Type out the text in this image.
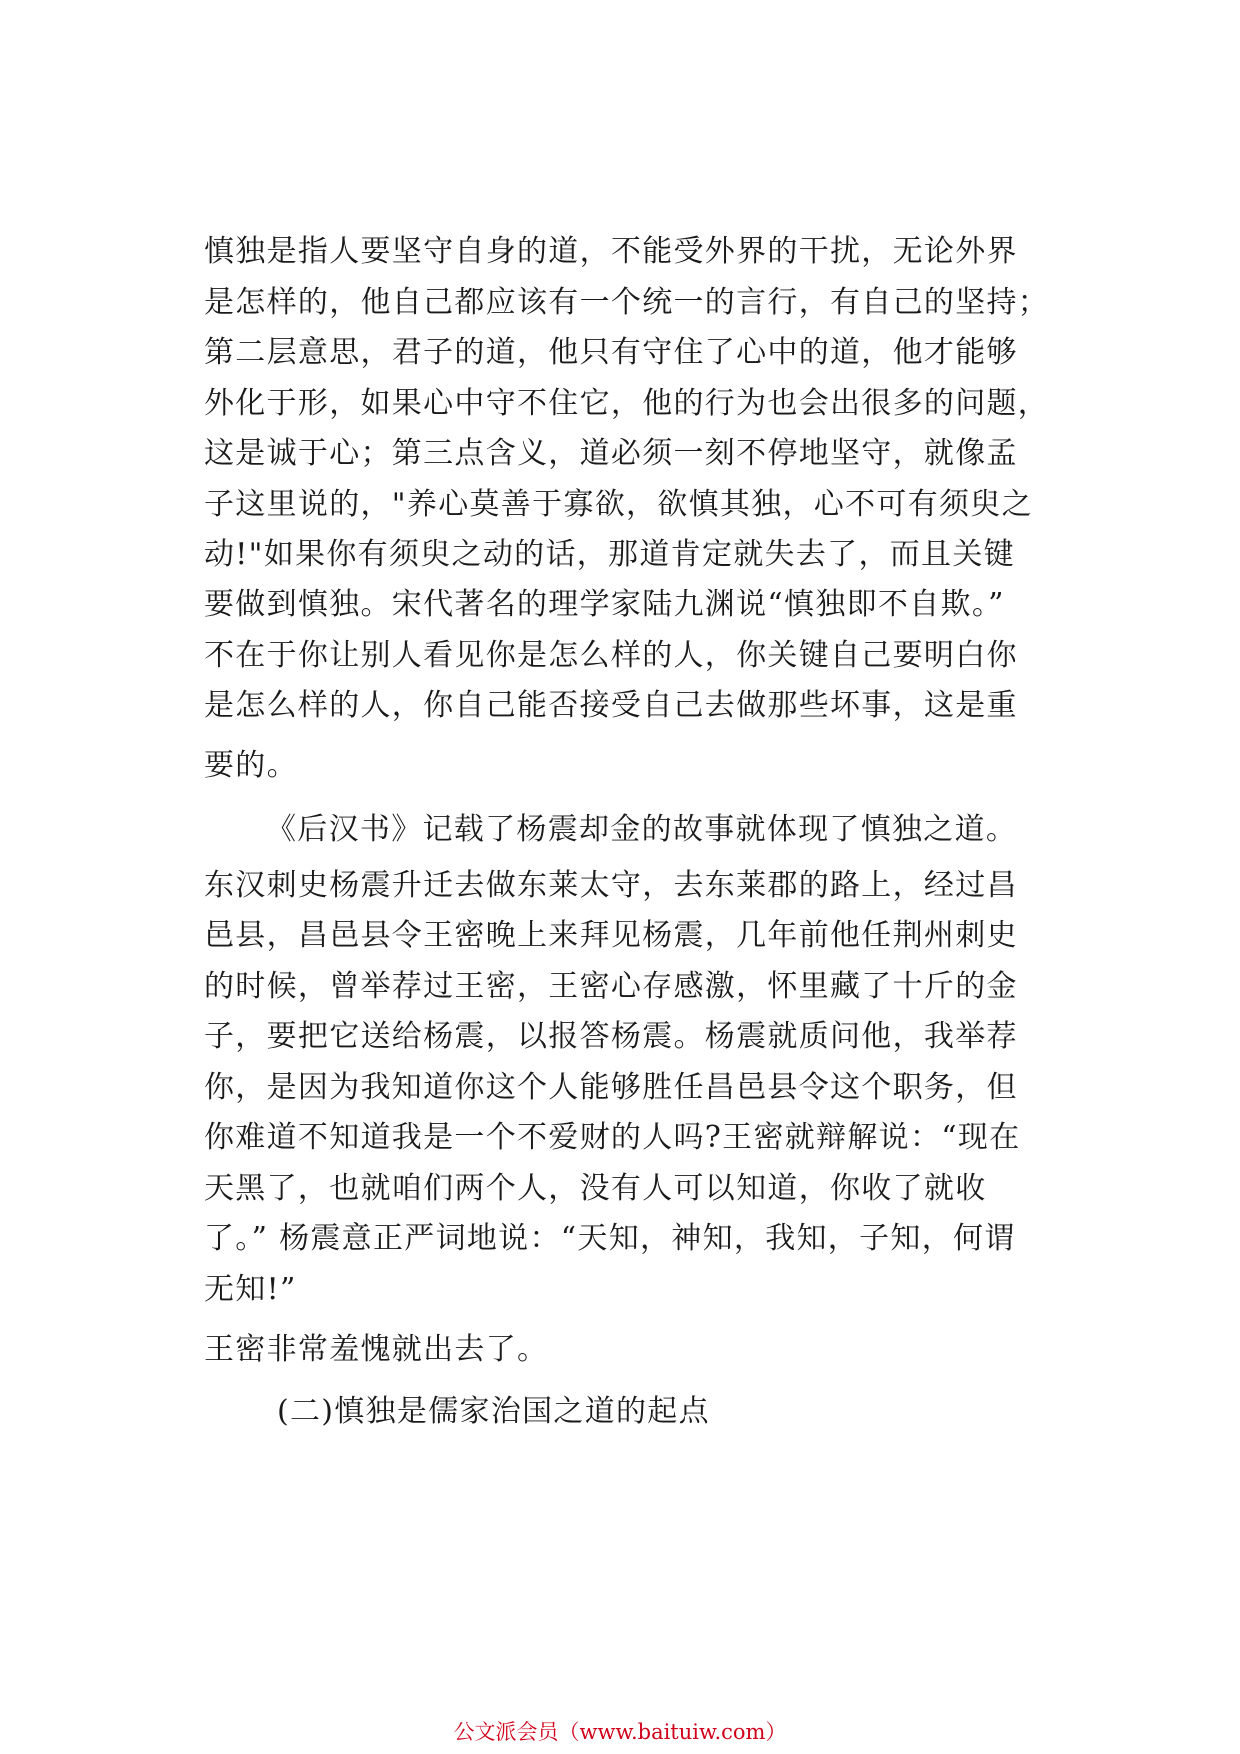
慎独是指人要坚守自身的道，不能受外界的干扰，无论外界
是怎样的，他自己都应该有一个统一的言行，有自己的坚持；
第二层意思，君子的道，他只有守住了心中的道，他才能够
外化于形，如果心中守不住它，他的行为也会出很多的问题，
这是诚于心；第三点含义，道必须一刻不停地坚守，就像孟
子这里说的，"养心莫善于寡欲，欲慎其独，心不可有须臾之
动!"如果你有须臾之动的话，那道肯定就失去了，而且关键
要做到慎独。宋代著名的理学家陆九渊说“慎独即不自欺。”
不在于你让别人看见你是怎么样的人，你关键自己要明白你
是怎么样的人，你自己能否接受自己去做那些坏事，这是重
要的。
《后汉书》记载了杨震却金的故事就体现了慎独之道。
东汉刺史杨震升迁去做东莱太守，去东莱郡的路上，经过昌
邑县，昌邑县令王密晚上来拜见杨震，几年前他任荆州刺史
的时候，曾举荐过王密，王密心存感激，怀里藏了十斤的金
子，要把它送给杨震，以报答杨震。杨震就质问他，我举荐
你，是因为我知道你这个人能够胜任昌邑县令这个职务，但
你难道不知道我是一个不爱财的人吗?王密就辩解说：“现在
天黑了，也就咱们两个人，没有人可以知道，你收了就收
了。” 杨震意正严词地说：“天知，神知，我知，子知，何谓
无知!”
王密非常羞愧就出去了。
(二)慎独是儒家治国之道的起点
公文派会员（www.baituiw.com）
